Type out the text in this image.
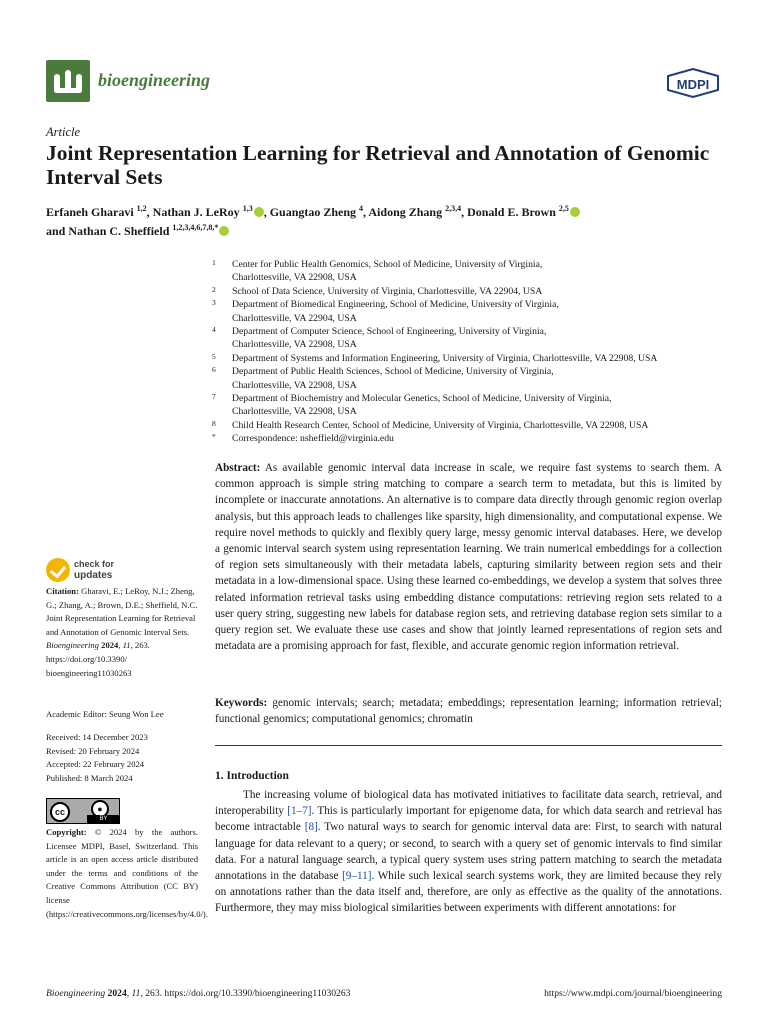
bioengineering	MDPI
Article
Joint Representation Learning for Retrieval and Annotation of Genomic Interval Sets
Erfaneh Gharavi $^{1,2}$, Nathan J. LeRoy $^{1,3}$ , Guangtao Zheng $^4$, Aidong Zhang $^{2,3,4}$, Donald E. Brown $^{2,5}$
and Nathan C. Sheffield $^{1,2,3,4,6,7,8,*}$
1 Center for Public Health Genomics, School of Medicine, University of Virginia,
Charlottesville, VA 22908, USA
2 School of Data Science, University of Virginia, Charlottesville, VA 22904, USA
3 Department of Biomedical Engineering, School of Medicine, University of Virginia,
Charlottesville, VA 22904, USA
4 Department of Computer Science, School of Engineering, University of Virginia,
Charlottesville, VA 22908, USA
5 Department of Systems and Information Engineering, University of Virginia, Charlottesville, VA 22908, USA
6 Department of Public Health Sciences, School of Medicine, University of Virginia,
Charlottesville, VA 22908, USA
7 Department of Biochemistry and Molecular Genetics, School of Medicine, University of Virginia,
Charlottesville, VA 22908, USA
8 Child Health Research Center, School of Medicine, University of Virginia, Charlottesville, VA 22908, USA
* Correspondence: nsheffield@virginia.edu
Abstract: As available genomic interval data increase in scale, we require fast systems to search them. A common approach is simple string matching to compare a search term to metadata, but this is limited by incomplete or inaccurate annotations. An alternative is to compare data directly through genomic region overlap analysis, but this approach leads to challenges like sparsity, high dimensionality, and computational expense. We require novel methods to quickly and flexibly query large, messy genomic interval databases. Here, we develop a genomic interval search system using representation learning. We train numerical embeddings for a collection of region sets simultaneously with their metadata labels, capturing similarity between region sets and their metadata in a low-dimensional space. Using these learned co-embeddings, we develop a system that solves three related information retrieval tasks using embedding distance computations: retrieving region sets related to a user query string, suggesting new labels for database region sets, and retrieving database region sets similar to a query region set. We evaluate these use cases and show that jointly learned representations of region sets and metadata are a promising approach for fast, flexible, and accurate genomic region information retrieval.
Keywords: genomic intervals; search; metadata; embeddings; representation learning; information retrieval; functional genomics; computational genomics; chromatin
check for
updates
Citation: Gharavi, E.; LeRoy, N.J.; Zheng, G.; Zhang, A.; Brown, D.E.; Sheffield, N.C. Joint Representation Learning for Retrieval and Annotation of Genomic Interval Sets. Bioengineering 2024, 11, 263.
https://doi.org/10.3390/
bioengineering11030263
Academic Editor: Seung Won Lee
Received: 14 December 2023
Revised: 20 February 2024
Accepted: 22 February 2024
Published: 8 March 2024
cc	●
BY
Copyright: © 2024 by the authors. Licensee MDPI, Basel, Switzerland. This article is an open access article distributed under the terms and conditions of the Creative Commons Attribution (CC BY) license (https://creativecommons.org/licenses/by/4.0/).
1. Introduction

The increasing volume of biological data has motivated initiatives to facilitate data search, retrieval, and interoperability [1–7]. This is particularly important for epigenome data, for which data search and retrieval has become intractable [8]. Two natural ways to search for genomic interval data are: First, to search with natural language for data relevant to a query; or second, to search with a query set of genomic intervals to find similar data. For a natural language search, a typical query system uses string pattern matching to search the metadata annotations in the database [9–11]. While such lexical search systems work, they are limited because they rely on annotations rather than the data itself and, therefore, are only as effective as the quality of the annotations. Furthermore, they may miss biological similarities between experiments with different annotations: for

Bioengineering 2024, 11, 263. https://doi.org/10.3390/bioengineering11030263	https://www.mdpi.com/journal/bioengineering
